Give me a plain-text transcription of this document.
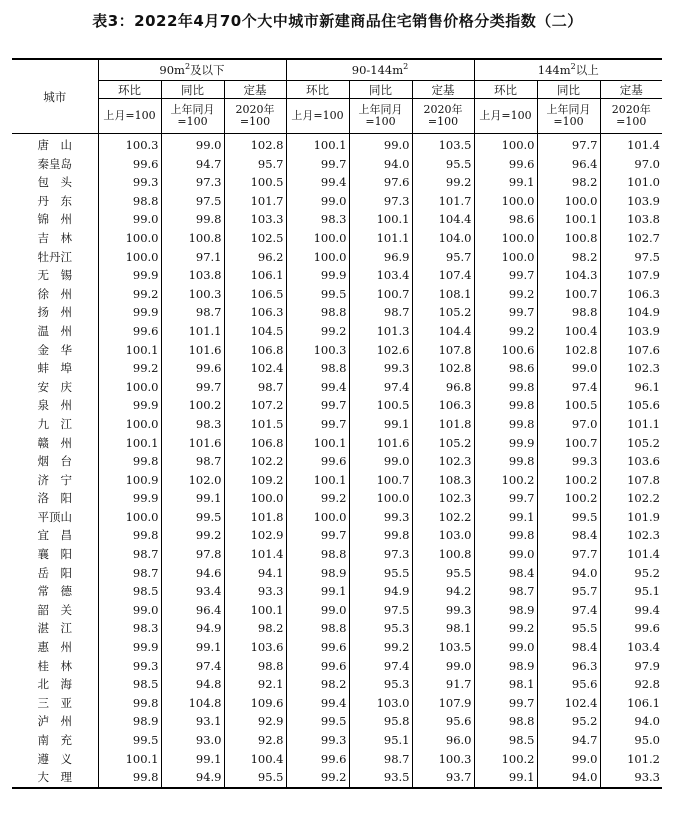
表3：2022年4月70个大中城市新建商品住宅销售价格分类指数（二）
城市	$90m^2$及以下			$90-144m^2$			$144m^2$以上		
	环比	同比	定基	环比	同比	定基	环比	同比	定基
	上月=100	上年同月=100	2020年=100	上月=100	上年同月=100	2020年=100	上月=100	上年同月=100	2020年=100
唐　山	100.3	99.0	102.8	100.1	99.0	103.5	100.0	97.7	101.4
秦皇岛	99.6	94.7	95.7	99.7	94.0	95.5	99.6	96.4	97.0
包　头	99.3	97.3	100.5	99.4	97.6	99.2	99.1	98.2	101.0
丹　东	98.8	97.5	101.7	99.0	97.3	101.7	100.0	100.0	103.9
锦　州	99.0	99.8	103.3	98.3	100.1	104.4	98.6	100.1	103.8
吉　林	100.0	100.8	102.5	100.0	101.1	104.0	100.0	100.8	102.7
牡丹江	100.0	97.1	96.2	100.0	96.9	95.7	100.0	98.2	97.5
无　锡	99.9	103.8	106.1	99.9	103.4	107.4	99.7	104.3	107.9
徐　州	99.2	100.3	106.5	99.5	100.7	108.1	99.2	100.7	106.3
扬　州	99.9	98.7	106.3	98.8	98.7	105.2	99.7	98.8	104.9
温　州	99.6	101.1	104.5	99.2	101.3	104.4	99.2	100.4	103.9
金　华	100.1	101.6	106.8	100.3	102.6	107.8	100.6	102.8	107.6
蚌　埠	99.2	99.6	102.4	98.8	99.3	102.8	98.6	99.0	102.3
安　庆	100.0	99.7	98.7	99.4	97.4	96.8	99.8	97.4	96.1
泉　州	99.9	100.2	107.2	99.7	100.5	106.3	99.8	100.5	105.6
九　江	100.0	98.3	101.5	99.7	99.1	101.8	99.8	97.0	101.1
赣　州	100.1	101.6	106.8	100.1	101.6	105.2	99.9	100.7	105.2
烟　台	99.8	98.7	102.2	99.6	99.0	102.3	99.8	99.3	103.6
济　宁	100.9	102.0	109.2	100.1	100.7	108.3	100.2	100.2	107.8
洛　阳	99.9	99.1	100.0	99.2	100.0	102.3	99.7	100.2	102.2
平顶山	100.0	99.5	101.8	100.0	99.3	102.2	99.1	99.5	101.9
宜　昌	99.8	99.2	102.9	99.7	99.8	103.0	99.8	98.4	102.3
襄　阳	98.7	97.8	101.4	98.8	97.3	100.8	99.0	97.7	101.4
岳　阳	98.7	94.6	94.1	98.9	95.5	95.5	98.4	94.0	95.2
常　德	98.5	93.4	93.3	99.1	94.9	94.2	98.7	95.7	95.1
韶　关	99.0	96.4	100.1	99.0	97.5	99.3	98.9	97.4	99.4
湛　江	98.3	94.9	98.2	98.8	95.3	98.1	99.2	95.5	99.6
惠　州	99.9	99.1	103.6	99.6	99.2	103.5	99.0	98.4	103.4
桂　林	99.3	97.4	98.8	99.6	97.4	99.0	98.9	96.3	97.9
北　海	98.5	94.8	92.1	98.2	95.3	91.7	98.1	95.6	92.8
三　亚	99.8	104.8	109.6	99.4	103.0	107.9	99.7	102.4	106.1
泸　州	98.9	93.1	92.9	99.5	95.8	95.6	98.8	95.2	94.0
南　充	99.5	93.0	92.8	99.3	95.1	96.0	98.5	94.7	95.0
遵　义	100.1	99.1	100.4	99.6	98.7	100.3	100.2	99.0	101.2
大　理	99.8	94.9	95.5	99.2	93.5	93.7	99.1	94.0	93.3
